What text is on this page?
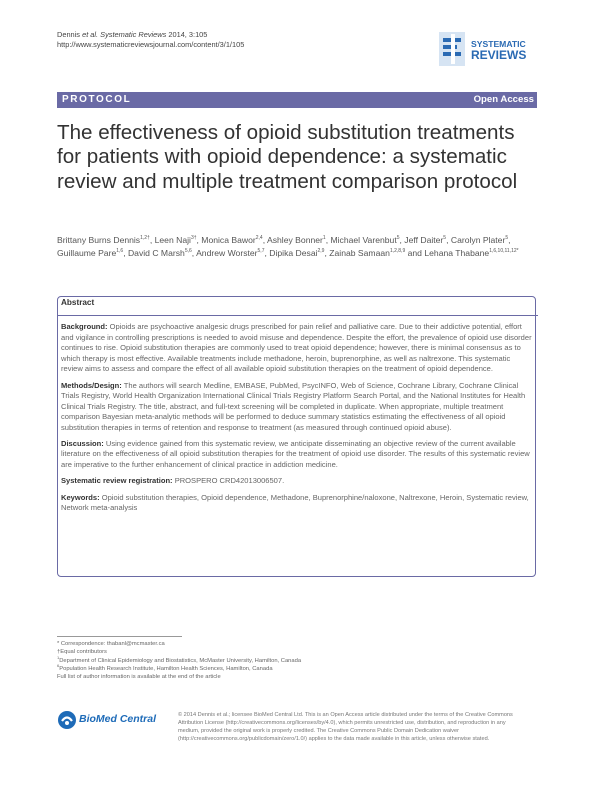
Dennis et al. Systematic Reviews 2014, 3:105
http://www.systematicreviewsjournal.com/content/3/1/105	SYSTEMATIC
REVIEWS
PROTOCOL	Open Access
The effectiveness of opioid substitution treatments for patients with opioid dependence: a systematic review and multiple treatment comparison protocol
Brittany Burns Dennis$^{1,2\dagger}$, Leen Naji$^{3\dagger}$, Monica Bawor$^{2,4}$, Ashley Bonner$^1$, Michael Varenbut$^5$, Jeff Daiter$^5$, Carolyn Plater$^5$, Guillaume Pare$^{1,6}$, David C Marsh$^{5,6}$, Andrew Worster$^{5,7}$, Dipika Desai$^{2,9}$, Zainab Samaan$^{1,2,8,9}$ and Lehana Thabane$^{1,6,10,11,12*}$
Abstract

Background: Opioids are psychoactive analgesic drugs prescribed for pain relief and palliative care. Due to their addictive potential, effort and vigilance in controlling prescriptions is needed to avoid misuse and dependence. Despite the effort, the prevalence of opioid use disorder continues to rise. Opioid substitution therapies are commonly used to treat opioid dependence; however, there is minimal consensus as to which therapy is most effective. Available treatments include methadone, heroin, buprenorphine, as well as naltrexone. This systematic review aims to assess and compare the effect of all available opioid substitution therapies on the treatment of opioid dependence.

Methods/Design: The authors will search Medline, EMBASE, PubMed, PsycINFO, Web of Science, Cochrane Library, Cochrane Clinical Trials Registry, World Health Organization International Clinical Trials Registry Platform Search Portal, and the National Institutes for Health Clinical Trials Registry. The title, abstract, and full-text screening will be completed in duplicate. When appropriate, multiple treatment comparison Bayesian meta-analytic methods will be performed to deduce summary statistics estimating the effectiveness of all opioid substitution therapies in terms of retention and response to treatment (as measured through continued opioid abuse).

Discussion: Using evidence gained from this systematic review, we anticipate disseminating an objective review of the current available literature on the effectiveness of all opioid substitution therapies for the treatment of opioid use disorder. The results of this systematic review are imperative to the further enhancement of clinical practice in addiction medicine.

Systematic review registration: PROSPERO CRD42013006507.

Keywords: Opioid substitution therapies, Opioid dependence, Methadone, Buprenorphine/naloxone, Naltrexone, Heroin, Systematic review, Network meta-analysis

* Correspondence: thabanl@mcmaster.ca
†Equal contributors
$^1$Department of Clinical Epidemiology and Biostatistics, McMaster University, Hamilton, Canada
$^6$Population Health Research Institute, Hamilton Health Sciences, Hamilton, Canada
Full list of author information is available at the end of the article
BioMed Central	© 2014 Dennis et al.; licensee BioMed Central Ltd. This is an Open Access article distributed under the terms of the Creative Commons Attribution License (http://creativecommons.org/licenses/by/4.0), which permits unrestricted use, distribution, and reproduction in any medium, provided the original work is properly credited. The Creative Commons Public Domain Dedication waiver (http://creativecommons.org/publicdomain/zero/1.0/) applies to the data made available in this article, unless otherwise stated.
